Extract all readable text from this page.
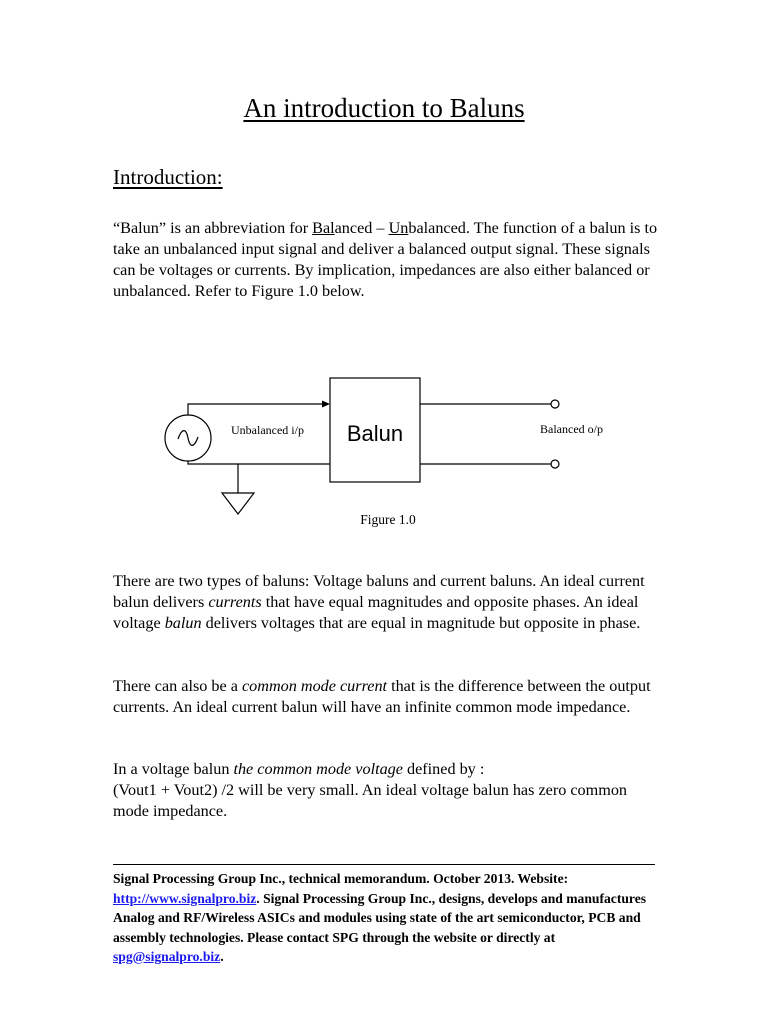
An introduction to Baluns
Introduction:

“Balun” is an abbreviation for Balanced – Unbalanced. The function of a balun is to take an unbalanced input signal and deliver a balanced output signal. These signals can be voltages or currents. By implication, impedances are also either balanced or unbalanced. Refer to Figure 1.0 below.

Unbalanced i/p Balun	Balanced o/p
Figure 1.0

There are two types of baluns: Voltage baluns and current baluns. An ideal current balun delivers currents that have equal magnitudes and opposite phases. An ideal voltage balun delivers voltages that are equal in magnitude but opposite in phase.

There can also be a common mode current that is the difference between the output currents. An ideal current balun will have an infinite common mode impedance.

In a voltage balun the common mode voltage defined by :
(Vout1 + Vout2) /2 will be very small. An ideal voltage balun has zero common mode impedance.

Signal Processing Group Inc., technical memorandum. October 2013. Website: http://www.signalpro.biz. Signal Processing Group Inc., designs, develops and manufactures Analog and RF/Wireless ASICs and modules using state of the art semiconductor, PCB and assembly technologies. Please contact SPG through the website or directly at spg@signalpro.biz.
